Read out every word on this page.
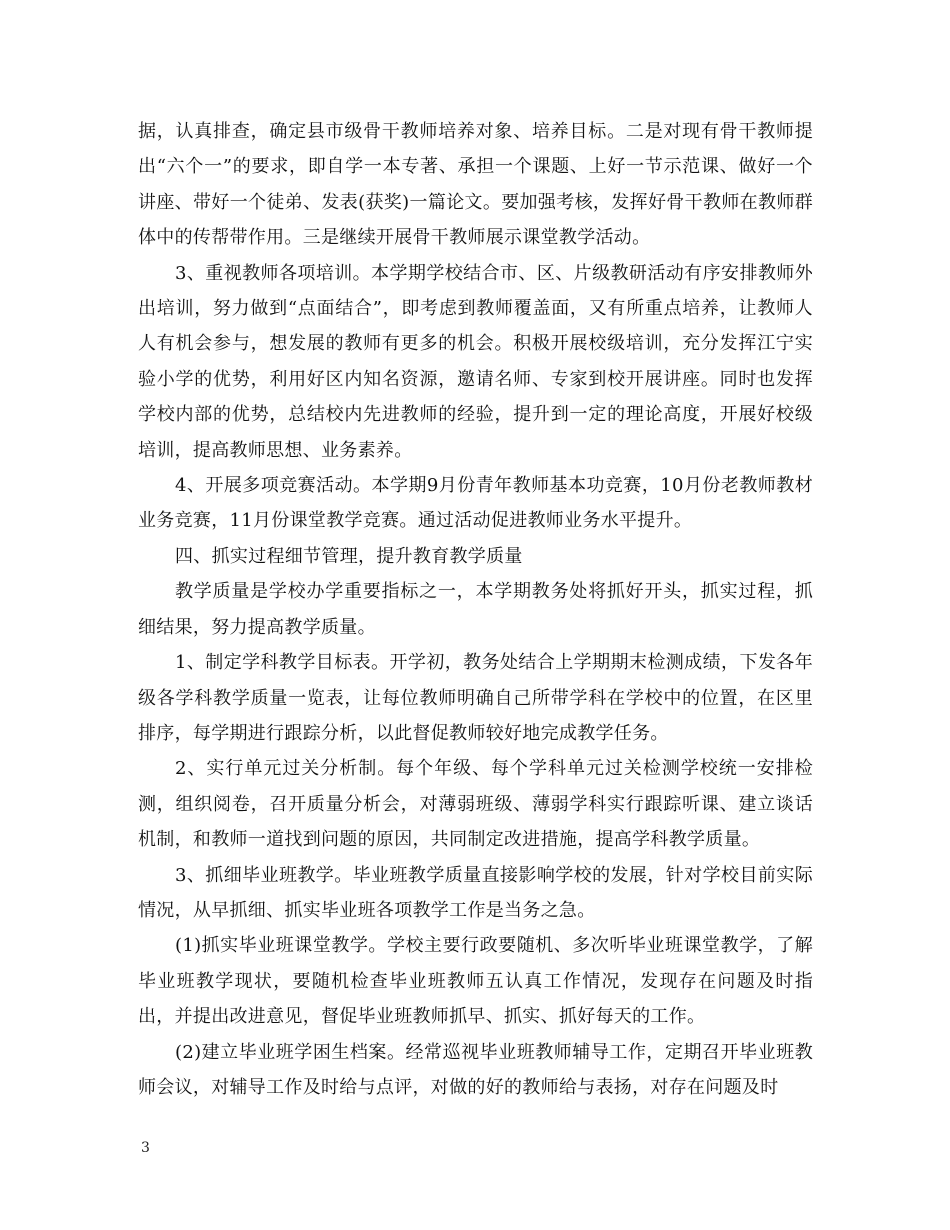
据，认真排查，确定县市级骨干教师培养对象、培养目标。二是对现有骨干教师提出“六个一”的要求，即自学一本专著、承担一个课题、上好一节示范课、做好一个讲座、带好一个徒弟、发表(获奖)一篇论文。要加强考核，发挥好骨干教师在教师群体中的传帮带作用。三是继续开展骨干教师展示课堂教学活动。

3、重视教师各项培训。本学期学校结合市、区、片级教研活动有序安排教师外出培训，努力做到“点面结合”，即考虑到教师覆盖面，又有所重点培养，让教师人人有机会参与，想发展的教师有更多的机会。积极开展校级培训，充分发挥江宁实验小学的优势，利用好区内知名资源，邀请名师、专家到校开展讲座。同时也发挥学校内部的优势，总结校内先进教师的经验，提升到一定的理论高度，开展好校级培训，提高教师思想、业务素养。

4、开展多项竞赛活动。本学期9月份青年教师基本功竞赛，10月份老教师教材业务竞赛，11月份课堂教学竞赛。通过活动促进教师业务水平提升。

四、抓实过程细节管理，提升教育教学质量

教学质量是学校办学重要指标之一，本学期教务处将抓好开头，抓实过程，抓细结果，努力提高教学质量。

1、制定学科教学目标表。开学初，教务处结合上学期期末检测成绩，下发各年级各学科教学质量一览表，让每位教师明确自己所带学科在学校中的位置，在区里排序，每学期进行跟踪分析，以此督促教师较好地完成教学任务。

2、实行单元过关分析制。每个年级、每个学科单元过关检测学校统一安排检测，组织阅卷，召开质量分析会，对薄弱班级、薄弱学科实行跟踪听课、建立谈话机制，和教师一道找到问题的原因，共同制定改进措施，提高学科教学质量。

3、抓细毕业班教学。毕业班教学质量直接影响学校的发展，针对学校目前实际情况，从早抓细、抓实毕业班各项教学工作是当务之急。

(1)抓实毕业班课堂教学。学校主要行政要随机、多次听毕业班课堂教学，了解毕业班教学现状，要随机检查毕业班教师五认真工作情况，发现存在问题及时指出，并提出改进意见，督促毕业班教师抓早、抓实、抓好每天的工作。

(2)建立毕业班学困生档案。经常巡视毕业班教师辅导工作，定期召开毕业班教师会议，对辅导工作及时给与点评，对做的好的教师给与表扬，对存在问题及时

3
